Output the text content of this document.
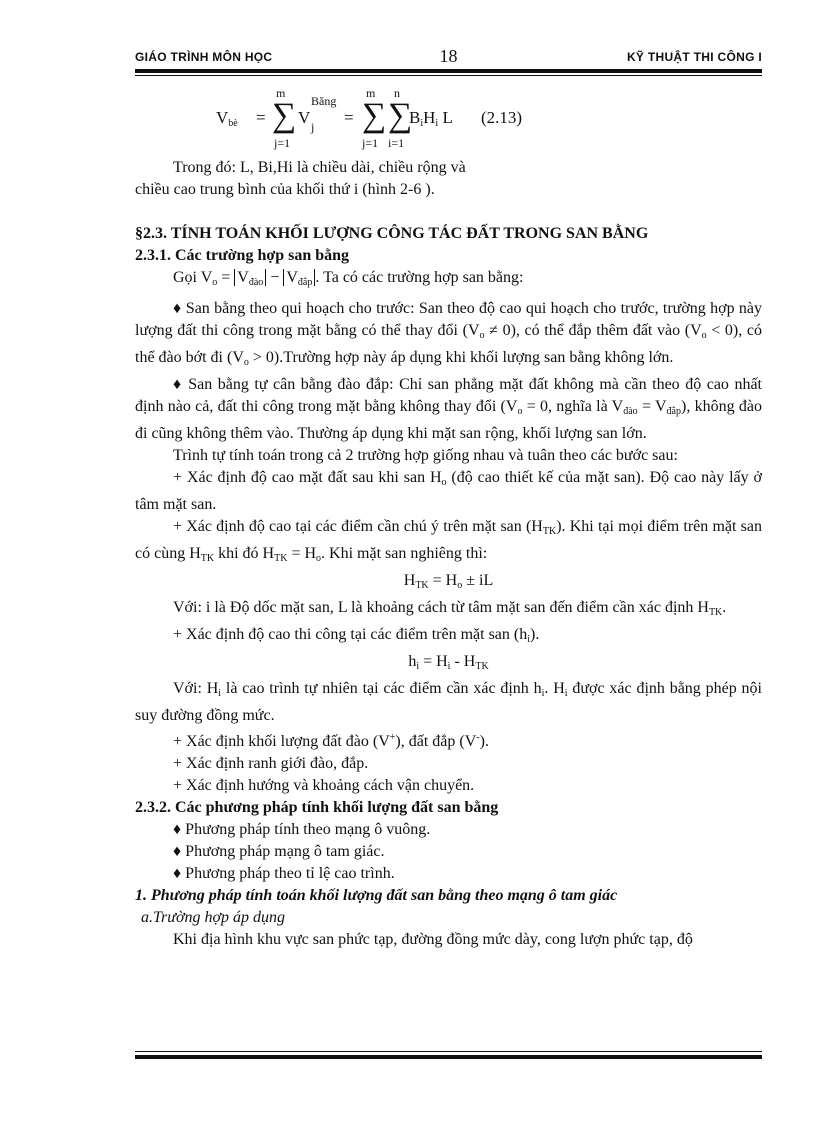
GIÁO TRÌNH MÔN HỌC	18	KỸ THUẬT THI CÔNG I
$V_{bè}$ =
m
∑
j=1
V
Băng
j =
m
∑
j=1
n
∑
i=1
$B_iH_i$ L (2.13)

Trong đó: L, Bi,Hi là chiều dài, chiều rộng và

chiều cao trung bình của khối thứ i (hình 2-6 ).

§2.3. TÍNH TOÁN KHỐI LƯỢNG CÔNG TÁC ĐẤT TRONG SAN BẰNG

2.3.1. Các trường hợp san bằng

Gọi $V_o = V_{đào} - V_{đắp}$ . Ta có các trường hợp san bằng:

♦ San bằng theo qui hoạch cho trước: San theo độ cao qui hoạch cho trước, trường hợp này lượng đất thi công trong mặt bằng có thể thay đổi $(V_o \ne 0)$, có thể đắp thêm đất vào $(V_o < 0)$, có thể đào bớt đi ($V_o$ > 0).Trường hợp này áp dụng khi khối lượng san bằng không lớn.

♦ San bằng tự cân bằng đào đắp: Chỉ san phẳng mặt đất không mà cần theo độ cao nhất định nào cả, đất thi công trong mặt bằng không thay đổi ($V_o = 0$, nghĩa là $V_{đào} = V_{đắp}$), không đào đi cũng không thêm vào. Thường áp dụng khi mặt san rộng, khối lượng san lớn.

Trình tự tính toán trong cả 2 trường hợp giống nhau và tuân theo các bước sau:

+ Xác định độ cao mặt đất sau khi san $H_o$ (độ cao thiết kế của mặt san). Độ cao này lấy ở tâm mặt san.

+ Xác định độ cao tại các điểm cần chú ý trên mặt san $(H_{TK})$. Khi tại mọi điểm trên mặt san có cùng $H_{TK}$ khi đó $H_{TK} = H_o$. Khi mặt san nghiêng thì:

$H_{TK} = H_o$ ± iL

Với: i là Độ dốc mặt san, L là khoảng cách từ tâm mặt san đến điểm cần xác định $H_{TK}$.

+ Xác định độ cao thi công tại các điểm trên mặt san $(h_i)$.

$h_i = H_i - H_{TK}$

Với: $H_i$ là cao trình tự nhiên tại các điểm cần xác định $h_i$. $H_i$ được xác định bằng phép nội suy đường đồng mức.

+ Xác định khối lượng đất đào (V+), đất đắp (V-).

+ Xác định ranh giới đào, đắp.

+ Xác định hướng và khoảng cách vận chuyển.

2.3.2. Các phương pháp tính khối lượng đất san bằng

♦ Phương pháp tính theo mạng ô vuông.

♦ Phương pháp mạng ô tam giác.

♦ Phương pháp theo tỉ lệ cao trình.

1. Phương pháp tính toán khối lượng đất san bằng theo mạng ô tam giác

a.Trường hợp áp dụng

Khi địa hình khu vực san phức tạp, đường đồng mức dày, cong lượn phức tạp, độ
